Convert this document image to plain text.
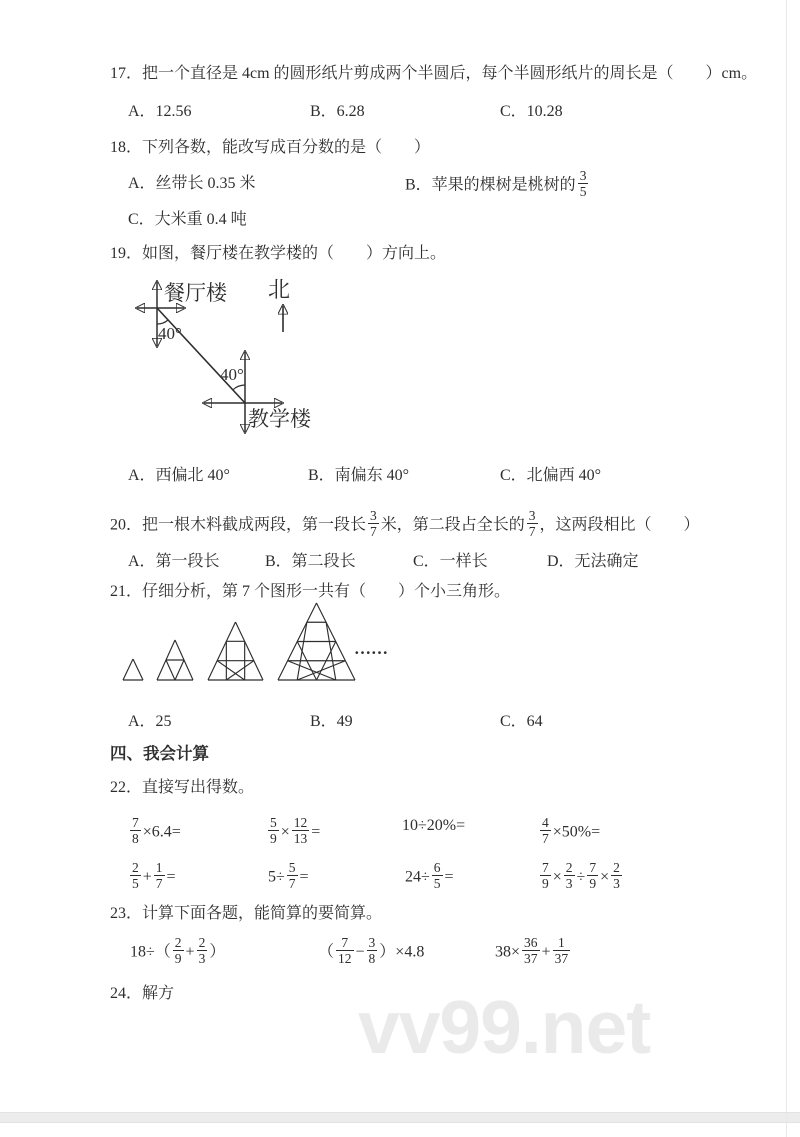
17．把一个直径是 4cm 的圆形纸片剪成两个半圆后，每个半圆形纸片的周长是（　　）cm。
A．12.56	B．6.28	C．10.28
18．下列各数，能改写成百分数的是（　　）
A．丝带长 0.35 米	B．苹果的棵树是桃树的 $\frac{3}{5}$
C．大米重 0.4 吨
19．如图，餐厅楼在教学楼的（　　）方向上。
餐厅楼
40°
北
40°
教学楼
A．西偏北 40°	B．南偏东 40°	C．北偏西 40°
20．把一根木料截成两段，第一段长 $\frac{3}{7}$ 米，第二段占全长的 $\frac{3}{7}$ ，这两段相比（　　）
A．第一段长	B．第二段长	C．一样长	D．无法确定
21．仔细分析，第 7 个图形一共有（　　）个小三角形。
……
A．25	B．49	C．64
四、我会计算
22．直接写出得数。
$\frac{7}{8} \times 6.4=$	$\frac{5}{9} \times \frac{12}{13}$ =	10÷20%=	$\frac{4}{7} \times 50\%=$
$\frac{2}{5} + \frac{1}{7}$ =	$5\div \frac{5}{7}$ =	$24\div \frac{6}{5}$ =	$\frac{7}{9} \times \frac{2}{3} \div \frac{7}{9} \times \frac{2}{3}$
23．计算下面各题，能简算的要简算。
$18\div( \frac{2}{9} + \frac{2}{3}$ ）	（ $\frac{7}{12} - \frac{3}{8} )\times 4.8$	$38\times \frac{36}{37} + \frac{1}{37}$
24．解方 vv99.net
